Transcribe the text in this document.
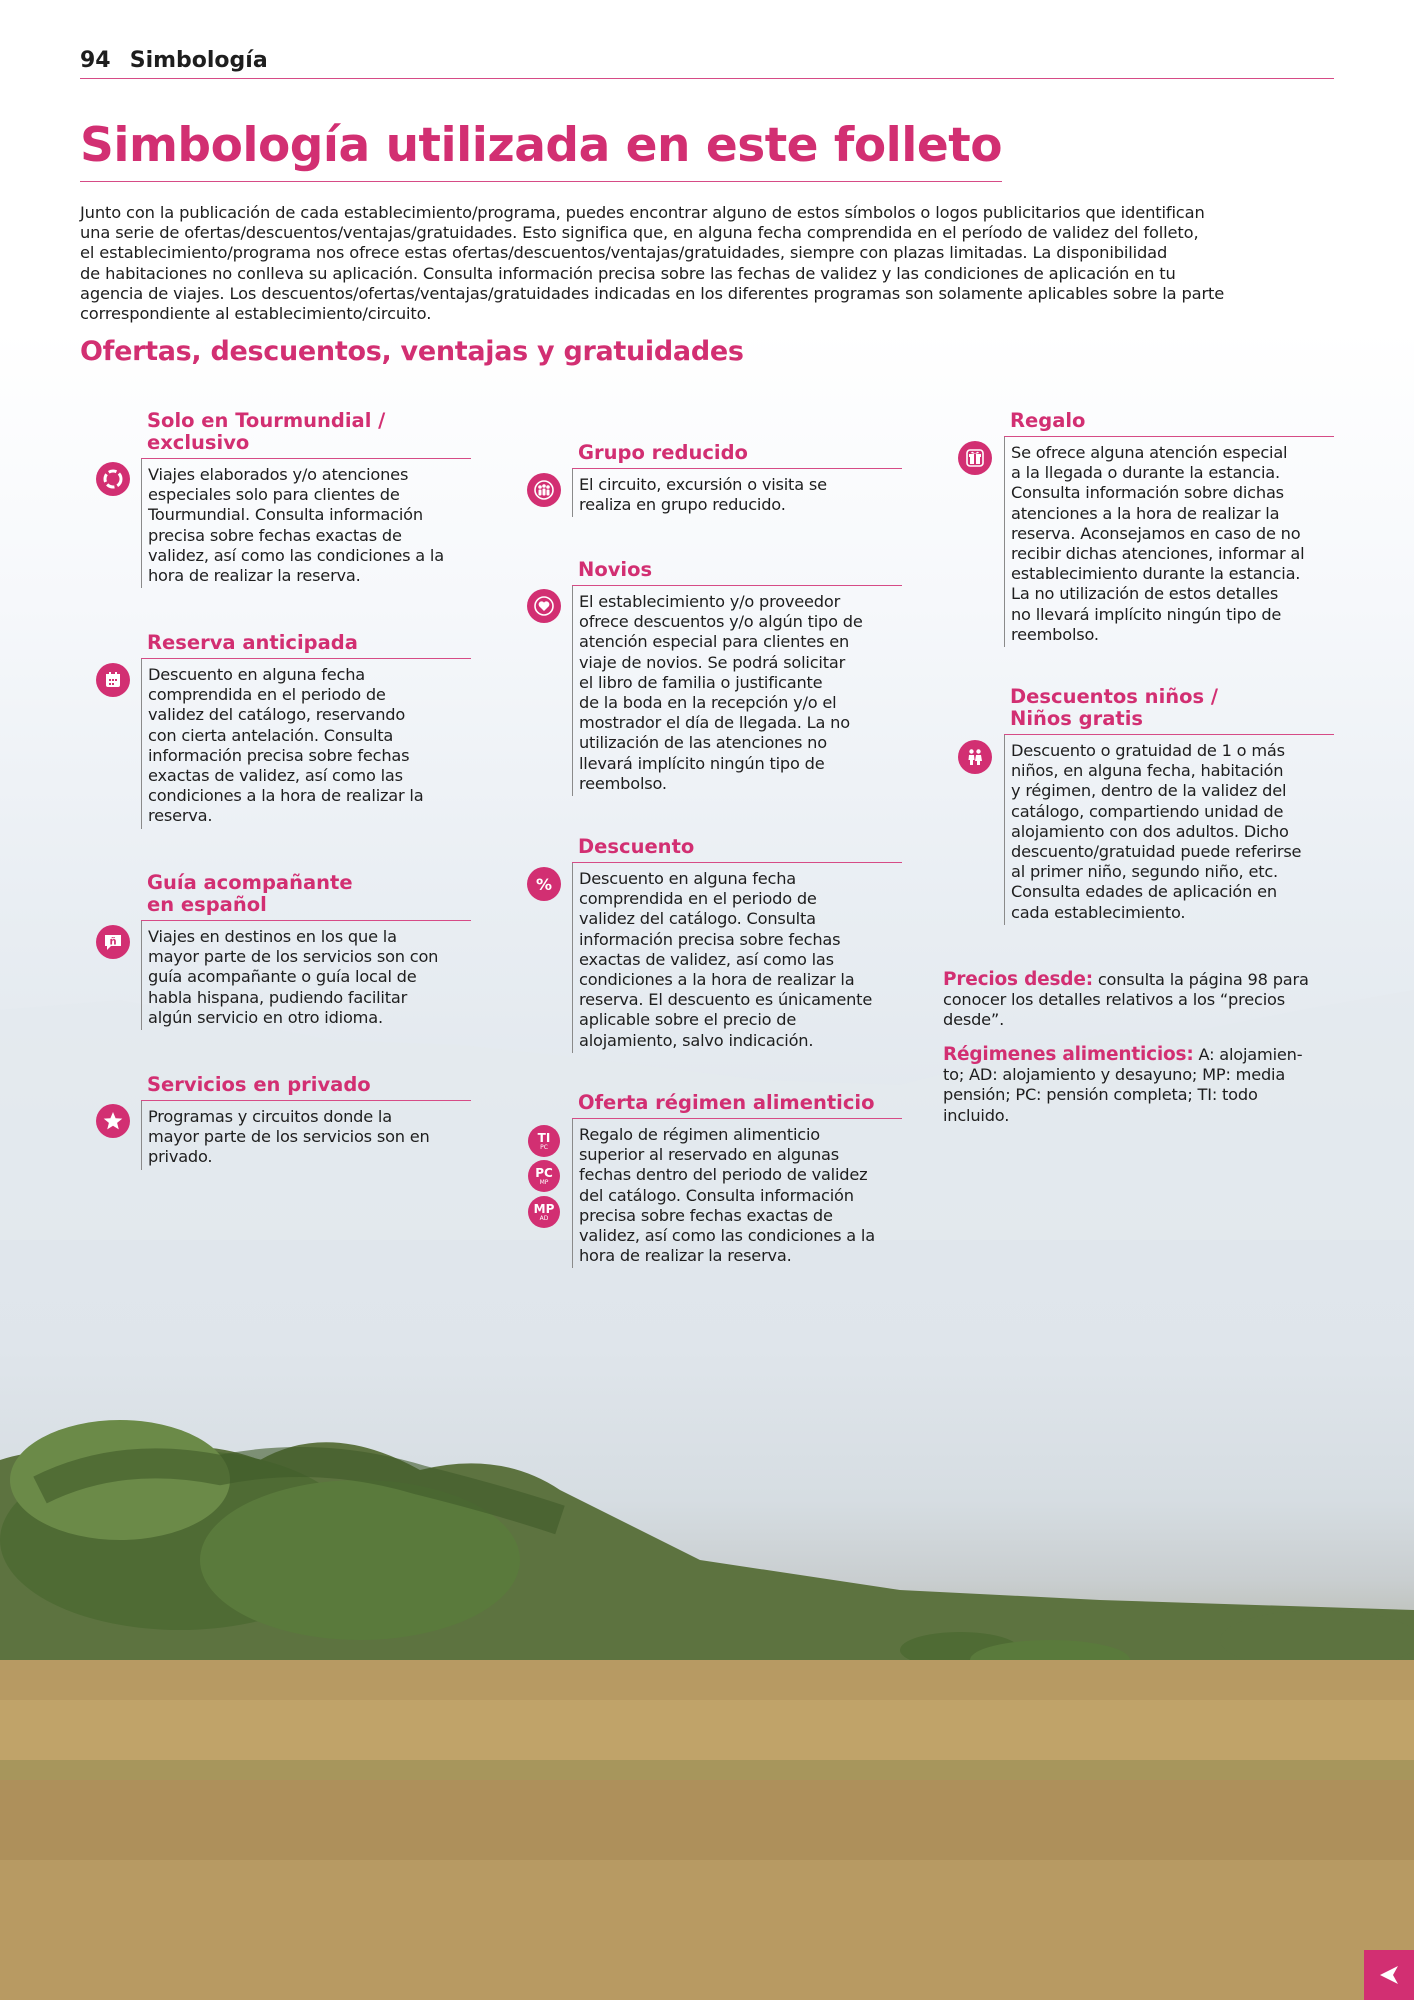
94 Simbología
Simbología utilizada en este folleto
Junto con la publicación de cada establecimiento/programa, puedes encontrar alguno de estos símbolos o logos publicitarios que identifican
una serie de ofertas/descuentos/ventajas/gratuidades. Esto significa que, en alguna fecha comprendida en el período de validez del folleto,
el establecimiento/programa nos ofrece estas ofertas/descuentos/ventajas/gratuidades, siempre con plazas limitadas. La disponibilidad
de habitaciones no conlleva su aplicación. Consulta información precisa sobre las fechas de validez y las condiciones de aplicación en tu
agencia de viajes. Los descuentos/ofertas/ventajas/gratuidades indicadas en los diferentes programas son solamente aplicables sobre la parte
correspondiente al establecimiento/circuito.
Ofertas, descuentos, ventajas y gratuidades
Solo en Tourmundial /
exclusivo
Viajes elaborados y/o atenciones
especiales solo para clientes de
Tourmundial. Consulta información
precisa sobre fechas exactas de
validez, así como las condiciones a la
hora de realizar la reserva.
Reserva anticipada
Descuento en alguna fecha
comprendida en el periodo de
validez del catálogo, reservando
con cierta antelación. Consulta
información precisa sobre fechas
exactas de validez, así como las
condiciones a la hora de realizar la
reserva.
ñ
Guía acompañante
en español
Viajes en destinos en los que la
mayor parte de los servicios son con
guía acompañante o guía local de
habla hispana, pudiendo facilitar
algún servicio en otro idioma.
Servicios en privado
Programas y circuitos donde la
mayor parte de los servicios son en
privado.
Grupo reducido
El circuito, excursión o visita se
realiza en grupo reducido.
Novios
El establecimiento y/o proveedor
ofrece descuentos y/o algún tipo de
atención especial para clientes en
viaje de novios. Se podrá solicitar
el libro de familia o justificante
de la boda en la recepción y/o el
mostrador el día de llegada. La no
utilización de las atenciones no
llevará implícito ningún tipo de
reembolso.
%
Descuento
Descuento en alguna fecha
comprendida en el periodo de
validez del catálogo. Consulta
información precisa sobre fechas
exactas de validez, así como las
condiciones a la hora de realizar la
reserva. El descuento es únicamente
aplicable sobre el precio de
alojamiento, salvo indicación.
TI
PC
PC
MP
MP
AD
Oferta régimen alimenticio
Regalo de régimen alimenticio
superior al reservado en algunas
fechas dentro del periodo de validez
del catálogo. Consulta información
precisa sobre fechas exactas de
validez, así como las condiciones a la
hora de realizar la reserva.
Regalo
Se ofrece alguna atención especial
a la llegada o durante la estancia.
Consulta información sobre dichas
atenciones a la hora de realizar la
reserva. Aconsejamos en caso de no
recibir dichas atenciones, informar al
establecimiento durante la estancia.
La no utilización de estos detalles
no llevará implícito ningún tipo de
reembolso.
Descuentos niños /
Niños gratis
Descuento o gratuidad de 1 o más
niños, en alguna fecha, habitación
y régimen, dentro de la validez del
catálogo, compartiendo unidad de
alojamiento con dos adultos. Dicho
descuento/gratuidad puede referirse
al primer niño, segundo niño, etc.
Consulta edades de aplicación en
cada establecimiento.
Precios desde: consulta la página 98 para
conocer los detalles relativos a los “precios
desde”.
Régimenes alimenticios: A: alojamien-
to; AD: alojamiento y desayuno; MP: media
pensión; PC: pensión completa; TI: todo
incluido.
